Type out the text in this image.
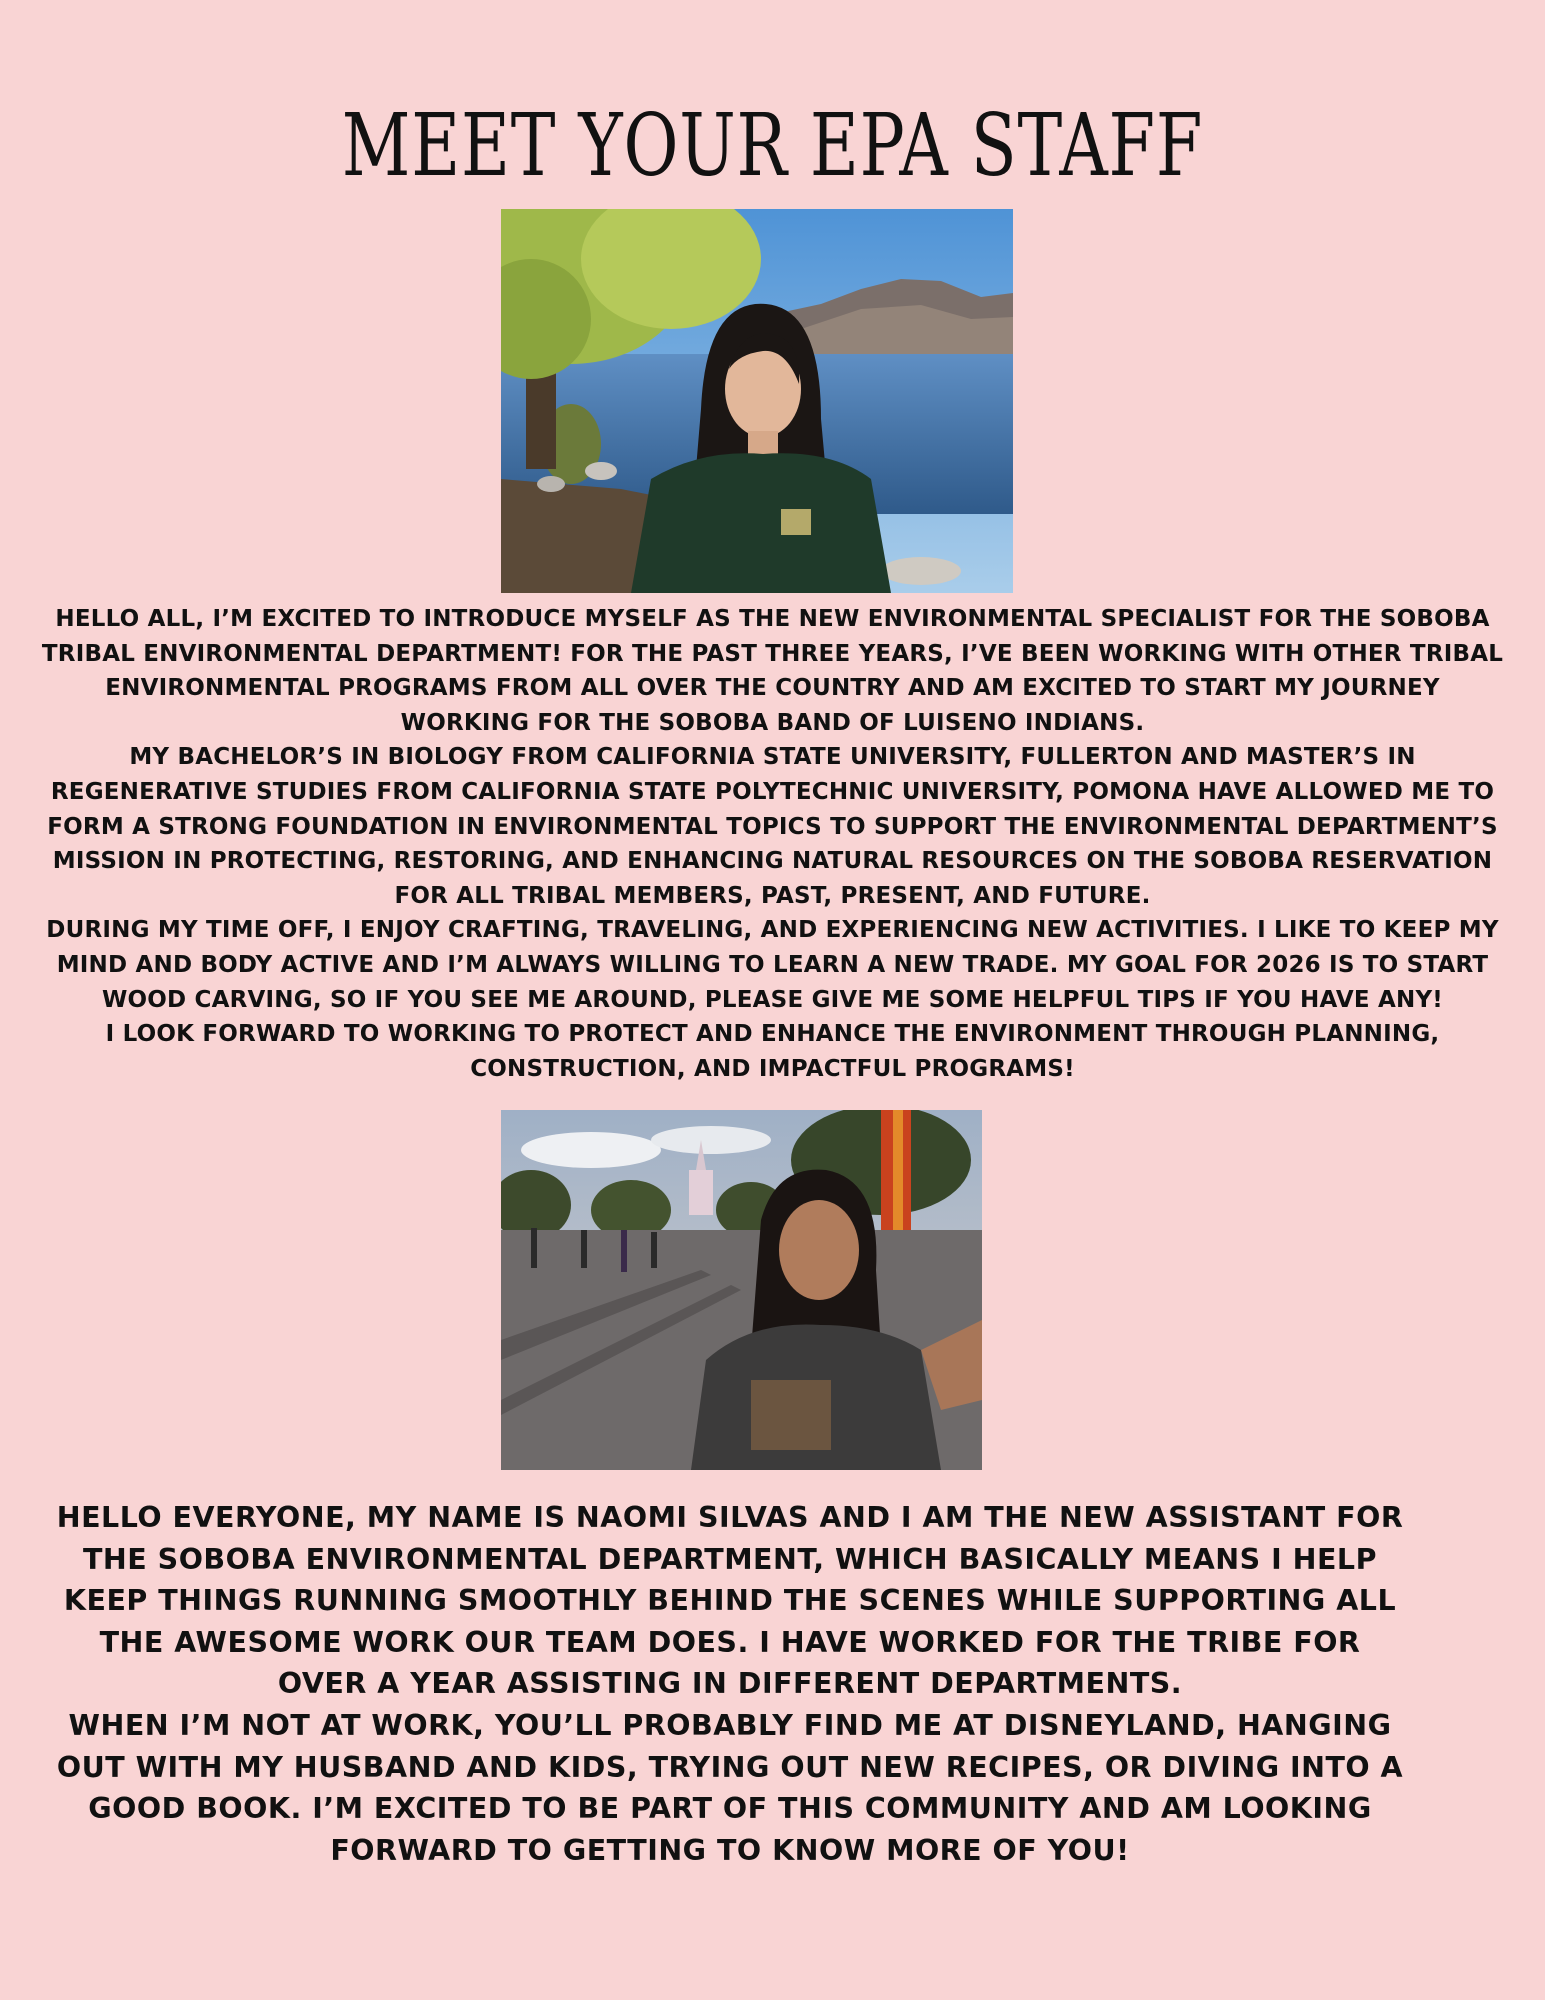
MEET YOUR EPA STAFF

HELLO ALL, I’M EXCITED TO INTRODUCE MYSELF AS THE NEW ENVIRONMENTAL SPECIALIST FOR THE SOBOBA TRIBAL ENVIRONMENTAL DEPARTMENT! FOR THE PAST THREE YEARS, I’VE BEEN WORKING WITH OTHER TRIBAL ENVIRONMENTAL PROGRAMS FROM ALL OVER THE COUNTRY AND AM EXCITED TO START MY JOURNEY WORKING FOR THE SOBOBA BAND OF LUISENO INDIANS.

MY BACHELOR’S IN BIOLOGY FROM CALIFORNIA STATE UNIVERSITY, FULLERTON AND MASTER’S IN REGENERATIVE STUDIES FROM CALIFORNIA STATE POLYTECHNIC UNIVERSITY, POMONA HAVE ALLOWED ME TO FORM A STRONG FOUNDATION IN ENVIRONMENTAL TOPICS TO SUPPORT THE ENVIRONMENTAL DEPARTMENT’S MISSION IN PROTECTING, RESTORING, AND ENHANCING NATURAL RESOURCES ON THE SOBOBA RESERVATION FOR ALL TRIBAL MEMBERS, PAST, PRESENT, AND FUTURE.

DURING MY TIME OFF, I ENJOY CRAFTING, TRAVELING, AND EXPERIENCING NEW ACTIVITIES. I LIKE TO KEEP MY MIND AND BODY ACTIVE AND I’M ALWAYS WILLING TO LEARN A NEW TRADE. MY GOAL FOR 2026 IS TO START WOOD CARVING, SO IF YOU SEE ME AROUND, PLEASE GIVE ME SOME HELPFUL TIPS IF YOU HAVE ANY!

I LOOK FORWARD TO WORKING TO PROTECT AND ENHANCE THE ENVIRONMENT THROUGH PLANNING, CONSTRUCTION, AND IMPACTFUL PROGRAMS!

HELLO EVERYONE, MY NAME IS NAOMI SILVAS AND I AM THE NEW ASSISTANT FOR THE SOBOBA ENVIRONMENTAL DEPARTMENT, WHICH BASICALLY MEANS I HELP KEEP THINGS RUNNING SMOOTHLY BEHIND THE SCENES WHILE SUPPORTING ALL THE AWESOME WORK OUR TEAM DOES. I HAVE WORKED FOR THE TRIBE FOR OVER A YEAR ASSISTING IN DIFFERENT DEPARTMENTS.

WHEN I’M NOT AT WORK, YOU’LL PROBABLY FIND ME AT DISNEYLAND, HANGING OUT WITH MY HUSBAND AND KIDS, TRYING OUT NEW RECIPES, OR DIVING INTO A GOOD BOOK. I’M EXCITED TO BE PART OF THIS COMMUNITY AND AM LOOKING FORWARD TO GETTING TO KNOW MORE OF YOU!
